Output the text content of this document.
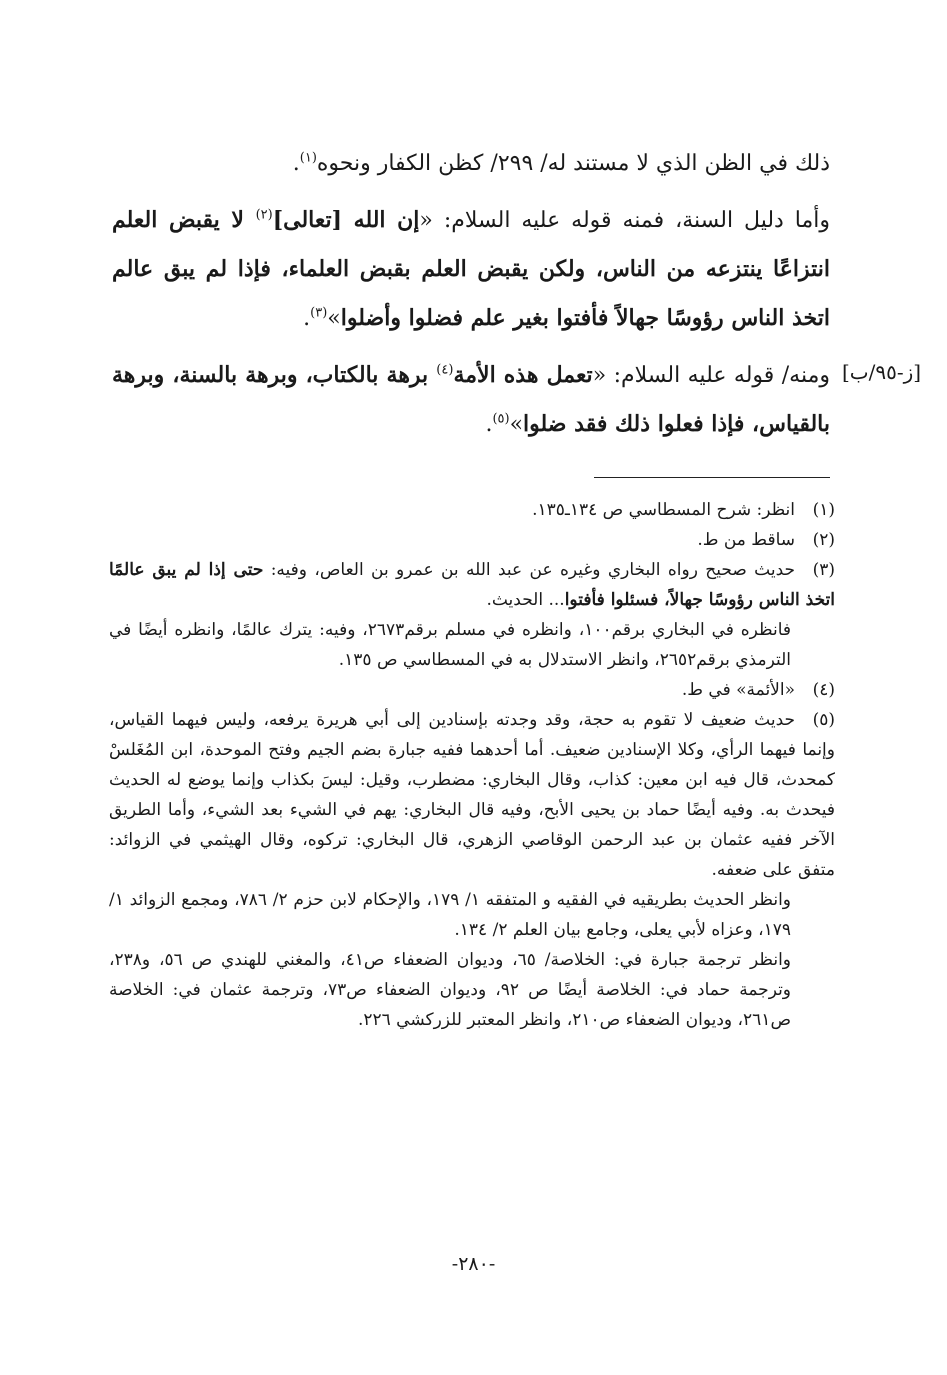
ذلك في الظن الذي لا مستند له/ ٢٩٩/ كظن الكفار ونحوه$^{(١)}$.

وأما دليل السنة، فمنه قوله عليه السلام: «إن الله [تعالى]$^{(٢)}$ لا يقبض العلم انتزاعًا ينتزعه من الناس، ولكن يقبض العلم بقبض العلماء، فإذا لم يبق عالم اتخذ الناس رؤوسًا جهالاً فأفتوا بغير علم فضلوا وأضلوا»$^{(٣)}$.

ومنه/ قوله عليه السلام: «تعمل هذه الأمة$^{(٤)}$ برهة بالكتاب، وبرهة بالسنة، وبرهة بالقياس، فإذا فعلوا ذلك فقد ضلوا»$^{(٥)}$.

[ز-٩٥/ب]

(١)انظر: شرح المسطاسي ص ١٣٤ـ١٣٥.

(٢)ساقط من ط.

(٣)حديث صحيح رواه البخاري وغيره عن عبد الله بن عمرو بن العاص، وفيه: حتى إذا لم يبق عالمًا اتخذ الناس رؤوسًا جهالاً، فسئلوا فأفتوا... الحديث.

فانظره في البخاري برقم١٠٠، وانظره في مسلم برقم٢٦٧٣، وفيه: يترك عالمًا، وانظره أيضًا في الترمذي برقم٢٦٥٢، وانظر الاستدلال به في المسطاسي ص ١٣٥.

(٤)«الأئمة» في ط.

(٥)حديث ضعيف لا تقوم به حجة، وقد وجدته بإسنادين إلى أبي هريرة يرفعه، وليس فيهما القياس، وإنما فيهما الرأي، وكلا الإسنادين ضعيف. أما أحدهما ففيه جبارة بضم الجيم وفتح الموحدة، ابن المُغَلسْ كمحدث، قال فيه ابن معين: كذاب، وقال البخاري: مضطرب، وقيل: ليسَ بكذاب وإنما يوضع له الحديث فيحدث به. وفيه أيضًا حماد بن يحيى الأبح، وفيه قال البخاري: يهم في الشيء بعد الشيء، وأما الطريق الآخر ففيه عثمان بن عبد الرحمن الوقاصي الزهري، قال البخاري: تركوه، وقال الهيثمي في الزوائد: متفق على ضعفه.

وانظر الحديث بطريقيه في الفقيه و المتفقه ١/ ١٧٩، والإحكام لابن حزم ٢/ ٧٨٦، ومجمع الزوائد ١/ ١٧٩، وعزاه لأبي يعلى، وجامع بيان العلم ٢/ ١٣٤.

وانظر ترجمة جبارة في: الخلاصة/ ٦٥، وديوان الضعفاء ص٤١، والمغني للهندي ص ٥٦، و٢٣٨، وترجمة حماد في: الخلاصة أيضًا ص ٩٢، وديوان الضعفاء ص٧٣، وترجمة عثمان في: الخلاصة ص٢٦١، وديوان الضعفاء ص٢١٠، وانظر المعتبر للزركشي ٢٢٦.

-٢٨٠-
